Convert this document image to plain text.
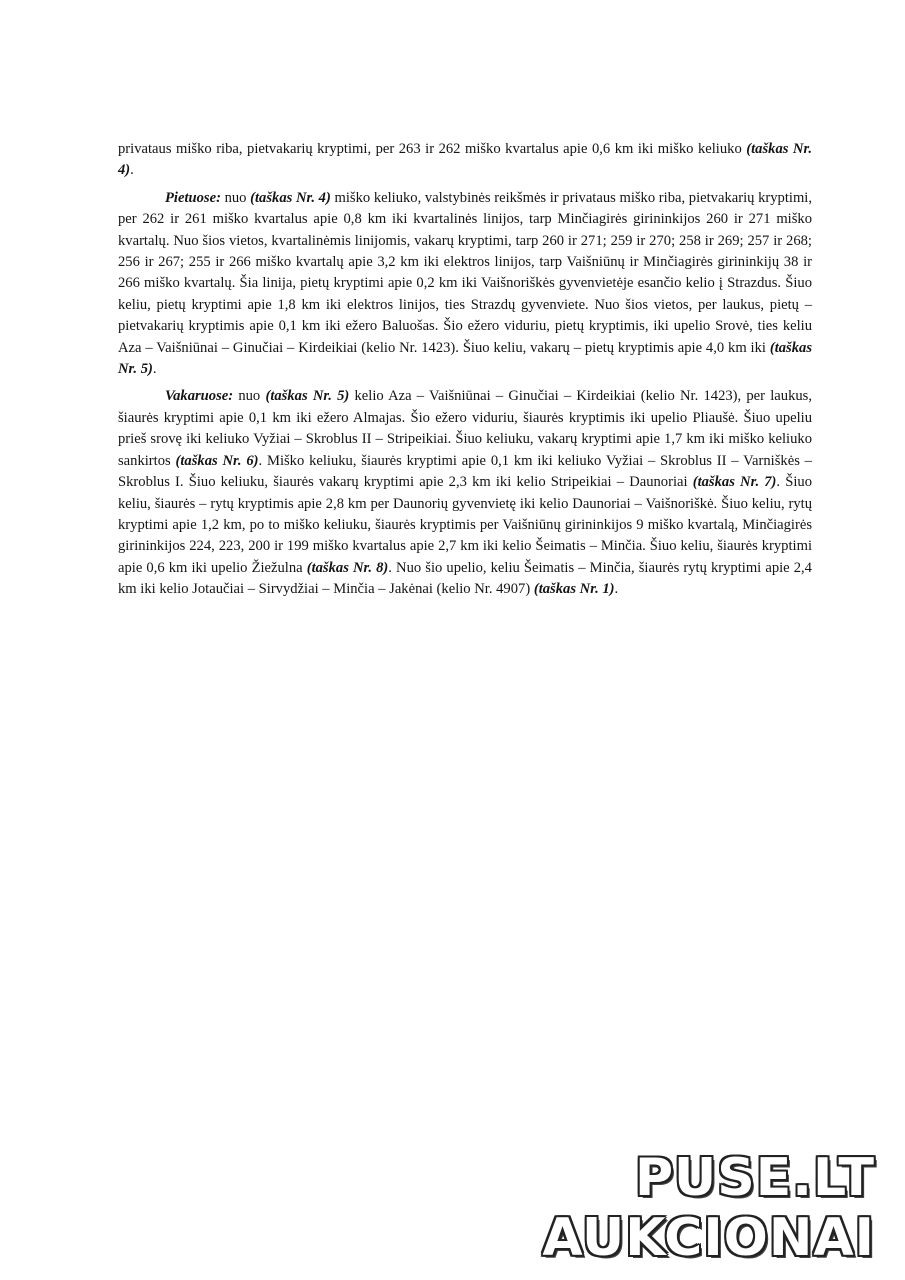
privataus miško riba, pietvakarių kryptimi, per 263 ir 262 miško kvartalus apie 0,6 km iki miško keliuko (taškas Nr. 4).

Pietuose: nuo (taškas Nr. 4) miško keliuko, valstybinės reikšmės ir privataus miško riba, pietvakarių kryptimi, per 262 ir 261 miško kvartalus apie 0,8 km iki kvartalinės linijos, tarp Minčiagirės girininkijos 260 ir 271 miško kvartalų. Nuo šios vietos, kvartalinėmis linijomis, vakarų kryptimi, tarp 260 ir 271; 259 ir 270; 258 ir 269; 257 ir 268; 256 ir 267; 255 ir 266 miško kvartalų apie 3,2 km iki elektros linijos, tarp Vaišniūnų ir Minčiagirės girininkijų 38 ir 266 miško kvartalų. Šia linija, pietų kryptimi apie 0,2 km iki Vaišnoriškės gyvenvietėje esančio kelio į Strazdus. Šiuo keliu, pietų kryptimi apie 1,8 km iki elektros linijos, ties Strazdų gyvenviete. Nuo šios vietos, per laukus, pietų – pietvakarių kryptimis apie 0,1 km iki ežero Baluošas. Šio ežero viduriu, pietų kryptimis, iki upelio Srovė, ties keliu Aza – Vaišniūnai – Ginučiai – Kirdeikiai (kelio Nr. 1423). Šiuo keliu, vakarų – pietų kryptimis apie 4,0 km iki (taškas Nr. 5).

Vakaruose: nuo (taškas Nr. 5) kelio Aza – Vaišniūnai – Ginučiai – Kirdeikiai (kelio Nr. 1423), per laukus, šiaurės kryptimi apie 0,1 km iki ežero Almajas. Šio ežero viduriu, šiaurės kryptimis iki upelio Pliaušė. Šiuo upeliu prieš srovę iki keliuko Vyžiai – Skroblus II – Stripeikiai. Šiuo keliuku, vakarų kryptimi apie 1,7 km iki miško keliuko sankirtos (taškas Nr. 6). Miško keliuku, šiaurės kryptimi apie 0,1 km iki keliuko Vyžiai – Skroblus II – Varniškės – Skroblus I. Šiuo keliuku, šiaurės vakarų kryptimi apie 2,3 km iki kelio Stripeikiai – Daunoriai (taškas Nr. 7). Šiuo keliu, šiaurės – rytų kryptimis apie 2,8 km per Daunorių gyvenvietę iki kelio Daunoriai – Vaišnoriškė. Šiuo keliu, rytų kryptimi apie 1,2 km, po to miško keliuku, šiaurės kryptimis per Vaišniūnų girininkijos 9 miško kvartalą, Minčiagirės girininkijos 224, 223, 200 ir 199 miško kvartalus apie 2,7 km iki kelio Šeimatis – Minčia. Šiuo keliu, šiaurės kryptimi apie 0,6 km iki upelio Žiežulna (taškas Nr. 8). Nuo šio upelio, keliu Šeimatis – Minčia, šiaurės rytų kryptimi apie 2,4 km iki kelio Jotaučiai – Sirvydžiai – Minčia – Jakėnai (kelio Nr. 4907) (taškas Nr. 1).

PUSE.LT
AUKCIONAI
